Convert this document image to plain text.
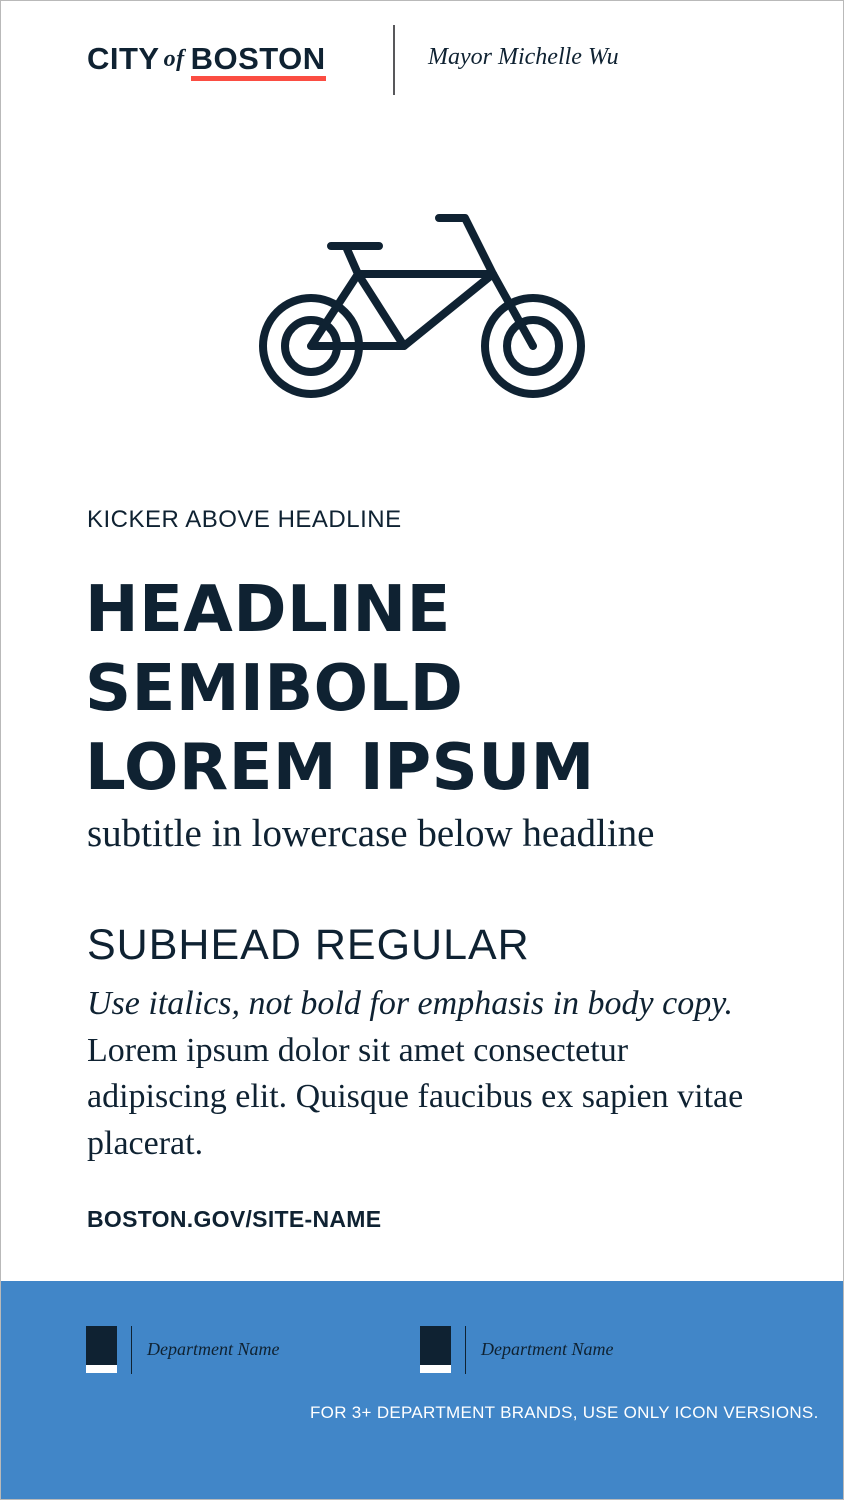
CITY of BOSTON	Mayor Michelle Wu
KICKER ABOVE HEADLINE
HEADLINE
SEMIBOLD
LOREM IPSUM
subtitle in lowercase below headline
SUBHEAD REGULAR
Use italics, not bold for emphasis in body copy. Lorem ipsum dolor sit amet consectetur adipiscing elit. Quisque faucibus ex sapien vitae placerat.
BOSTON.GOV/SITE-NAME
Department Name	Department Name
FOR 3+ DEPARTMENT BRANDS, USE ONLY ICON VERSIONS.
